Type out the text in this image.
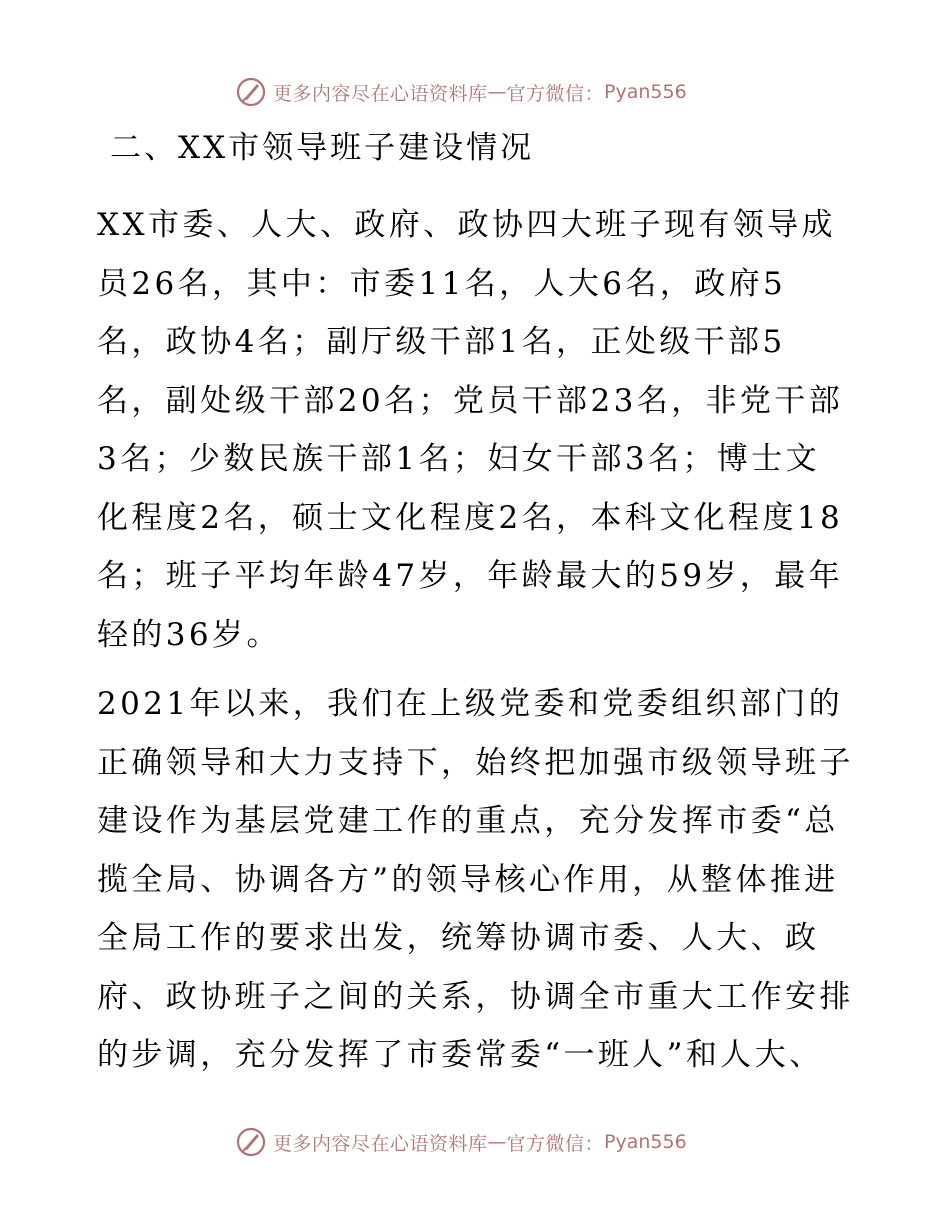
更多内容尽在心语资料库 — 官方微信： Pyan556
二、XX市领导班子建设情况
XX市委、人大、政府、政协四大班子现有领导成
员26名，其中：市委11名，人大6名，政府5
名，政协4名；副厅级干部1名，正处级干部5
名，副处级干部20名；党员干部23名，非党干部
3名；少数民族干部1名；妇女干部3名；博士文
化程度2名，硕士文化程度2名，本科文化程度18
名；班子平均年龄47岁，年龄最大的59岁，最年
轻的36岁。
2021年以来，我们在上级党委和党委组织部门的
正确领导和大力支持下，始终把加强市级领导班子
建设作为基层党建工作的重点，充分发挥市委“总
揽全局、协调各方”的领导核心作用，从整体推进
全局工作的要求出发，统筹协调市委、人大、政
府、政协班子之间的关系，协调全市重大工作安排
的步调，充分发挥了市委常委“一班人”和人大、
更多内容尽在心语资料库 — 官方微信： Pyan556
